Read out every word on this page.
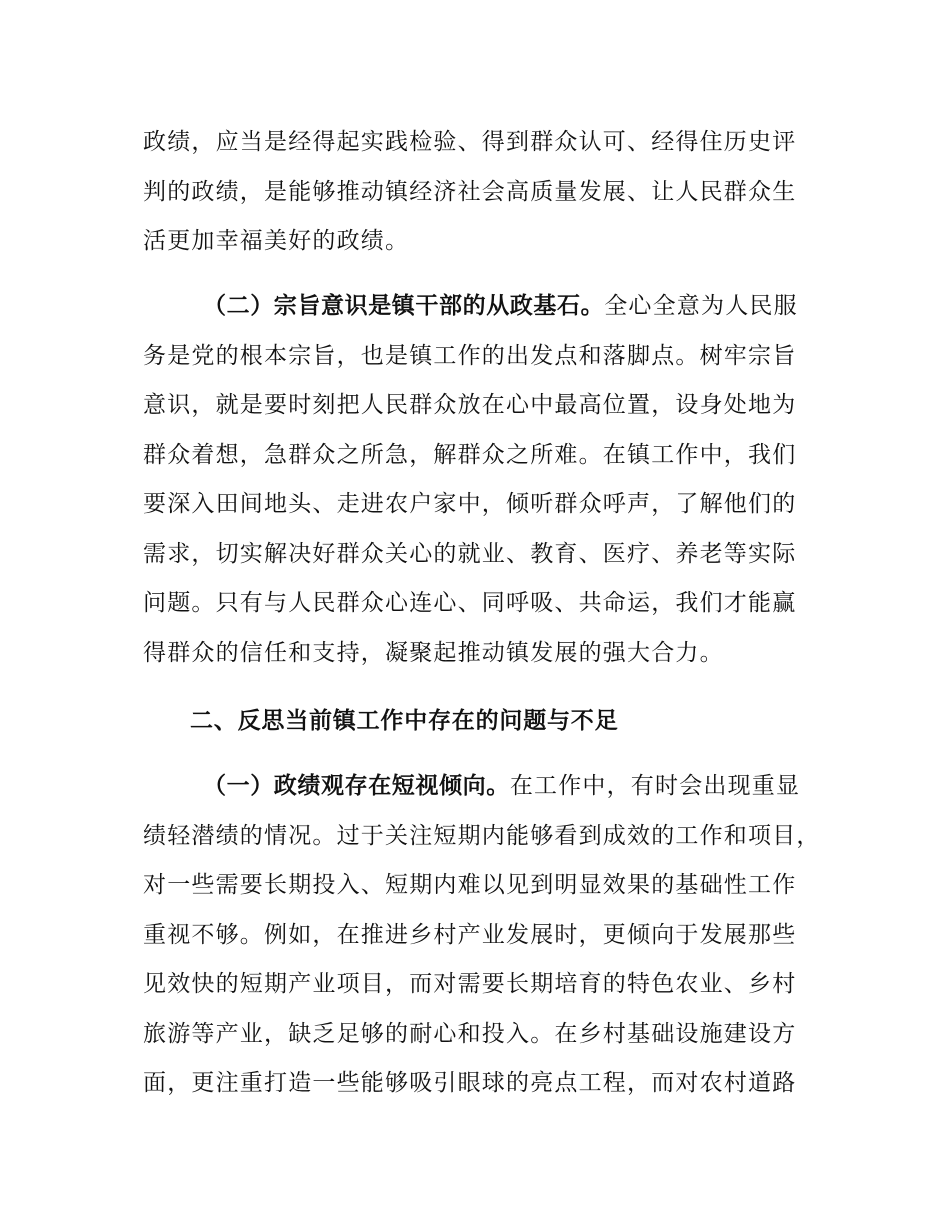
政绩，应当是经得起实践检验、得到群众认可、经得住历史评
判的政绩，是能够推动镇经济社会高质量发展、让人民群众生
活更加幸福美好的政绩。
（二）宗旨意识是镇干部的从政基石。全心全意为人民服
务是党的根本宗旨，也是镇工作的出发点和落脚点。树牢宗旨
意识，就是要时刻把人民群众放在心中最高位置，设身处地为
群众着想，急群众之所急，解群众之所难。在镇工作中，我们
要深入田间地头、走进农户家中，倾听群众呼声，了解他们的
需求，切实解决好群众关心的就业、教育、医疗、养老等实际
问题。只有与人民群众心连心、同呼吸、共命运，我们才能赢
得群众的信任和支持，凝聚起推动镇发展的强大合力。
二、反思当前镇工作中存在的问题与不足
（一）政绩观存在短视倾向。在工作中，有时会出现重显
绩轻潜绩的情况。过于关注短期内能够看到成效的工作和项目，
对一些需要长期投入、短期内难以见到明显效果的基础性工作
重视不够。例如，在推进乡村产业发展时，更倾向于发展那些
见效快的短期产业项目，而对需要长期培育的特色农业、乡村
旅游等产业，缺乏足够的耐心和投入。在乡村基础设施建设方
面，更注重打造一些能够吸引眼球的亮点工程，而对农村道路
